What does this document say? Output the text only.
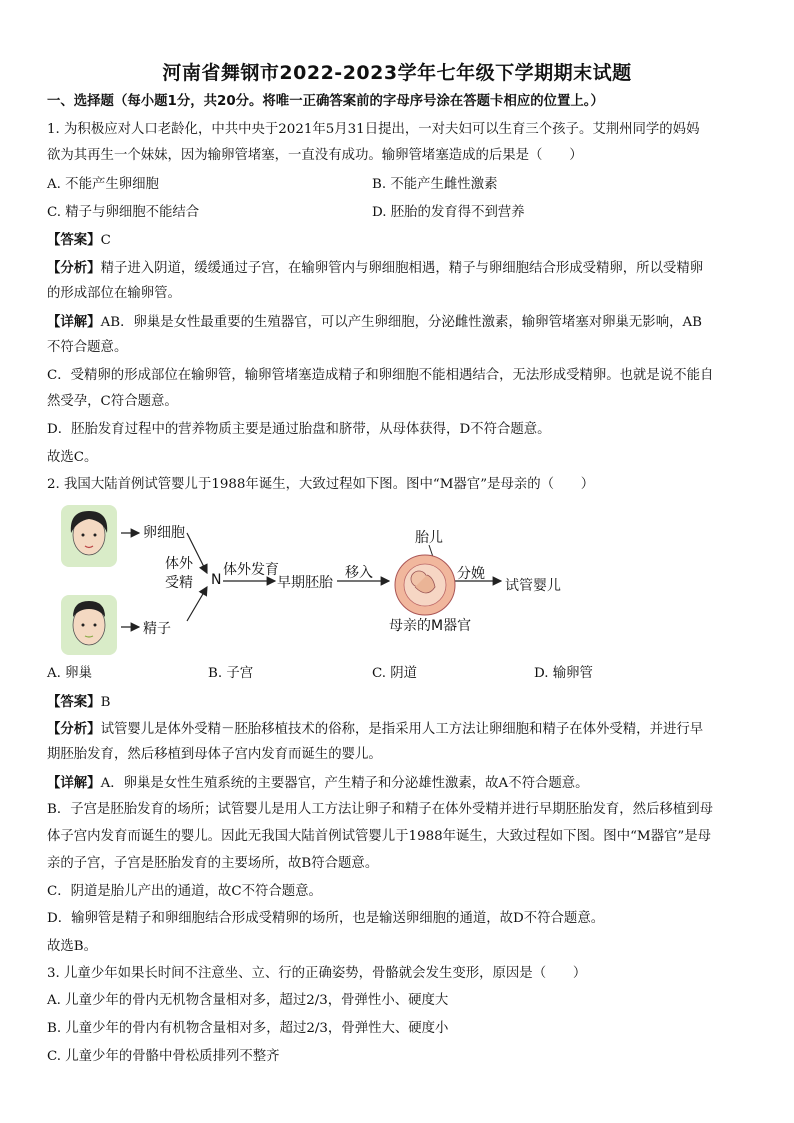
河南省舞钢市2022-2023学年七年级下学期期末试题
一、选择题（每小题1分，共20分。将唯一正确答案前的字母序号涂在答题卡相应的位置上。）
1. 为积极应对人口老龄化，中共中央于2021年5月31日提出，一对夫妇可以生育三个孩子。艾荆州同学的妈妈
欲为其再生一个妹妹，因为输卵管堵塞，一直没有成功。输卵管堵塞造成的后果是（　　）
A. 不能产生卵细胞	B. 不能产生雌性激素
C. 精子与卵细胞不能结合	D. 胚胎的发育得不到营养
【答案】C
【分析】精子进入阴道，缓缓通过子宫，在输卵管内与卵细胞相遇，精子与卵细胞结合形成受精卵，所以受精卵
的形成部位在输卵管。
【详解】AB．卵巢是女性最重要的生殖器官，可以产生卵细胞，分泌雌性激素，输卵管堵塞对卵巢无影响，AB
不符合题意。
C．受精卵的形成部位在输卵管，输卵管堵塞造成精子和卵细胞不能相遇结合，无法形成受精卵。也就是说不能自
然受孕，C符合题意。
D．胚胎发育过程中的营养物质主要是通过胎盘和脐带，从母体获得，D不符合题意。
故选C。
2. 我国大陆首例试管婴儿于1988年诞生，大致过程如下图。图中“M器官”是母亲的（　　）
卵细胞
精子
体外
受精 N
体外发育
早期胚胎
移入
胎儿
分娩
试管婴儿
母亲的M器官
A. 卵巢	B. 子宫	C. 阴道	D. 输卵管
【答案】B
【分析】试管婴儿是体外受精－胚胎移植技术的俗称，是指采用人工方法让卵细胞和精子在体外受精，并进行早
期胚胎发育，然后移植到母体子宫内发育而诞生的婴儿。
【详解】A．卵巢是女性生殖系统的主要器官，产生精子和分泌雄性激素，故A不符合题意。
B．子宫是胚胎发育的场所；试管婴儿是用人工方法让卵子和精子在体外受精并进行早期胚胎发育，然后移植到母
体子宫内发育而诞生的婴儿。因此无我国大陆首例试管婴儿于1988年诞生，大致过程如下图。图中“M器官”是母
亲的子宫，子宫是胚胎发育的主要场所，故B符合题意。
C．阴道是胎儿产出的通道，故C不符合题意。
D．输卵管是精子和卵细胞结合形成受精卵的场所，也是输送卵细胞的通道，故D不符合题意。
故选B。
3. 儿童少年如果长时间不注意坐、立、行的正确姿势，骨骼就会发生变形，原因是（　　）
A. 儿童少年的骨内无机物含量相对多，超过2/3，骨弹性小、硬度大
B. 儿童少年的骨内有机物含量相对多，超过2/3，骨弹性大、硬度小
C. 儿童少年的骨骼中骨松质排列不整齐
